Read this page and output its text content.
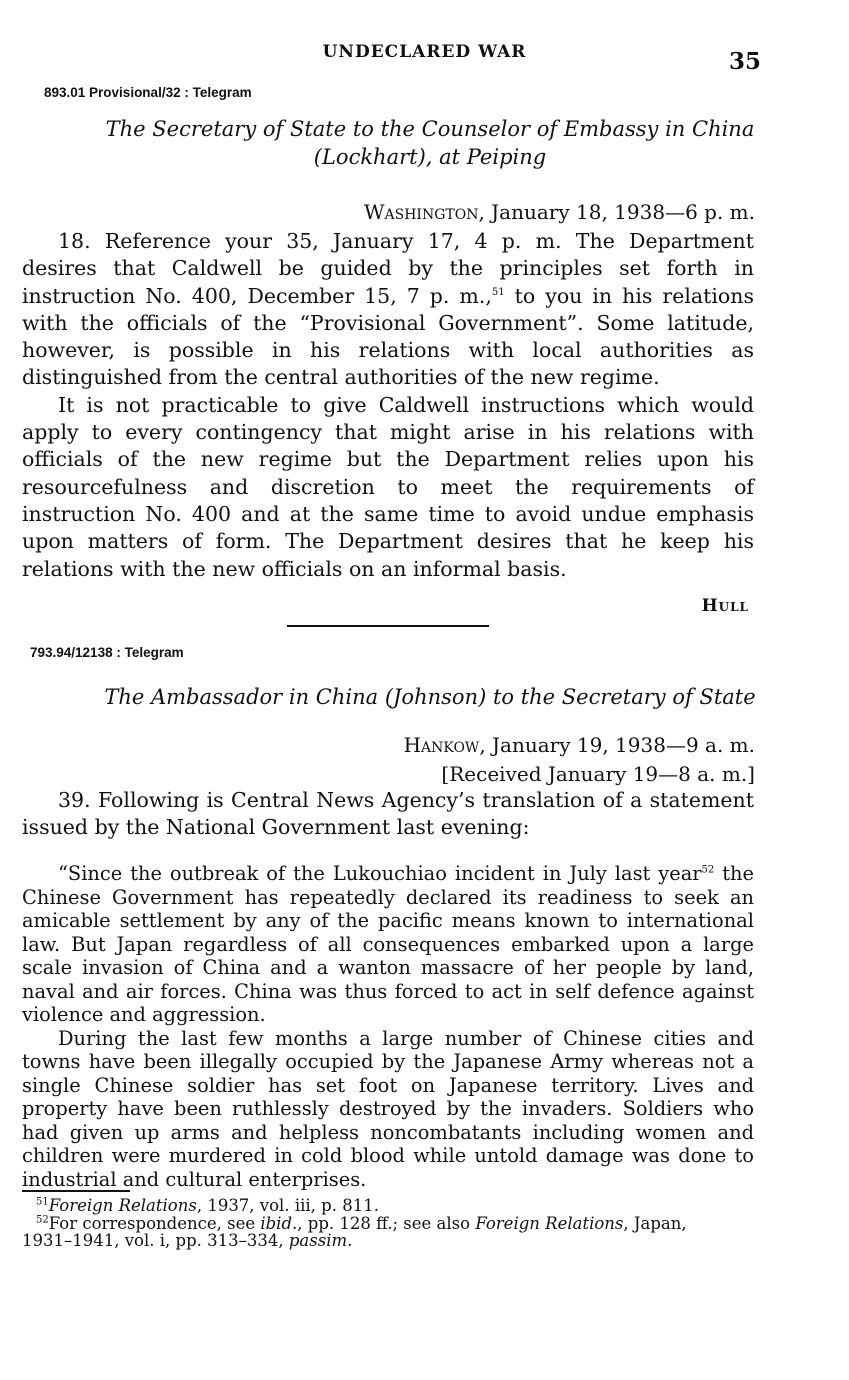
UNDECLARED WAR	35
893.01 Provisional/32 : Telegram
The Secretary of State to the Counselor of Embassy in China
(Lockhart), at Peiping
Washington, January 18, 1938—6 p. m.

18. Reference your 35, January 17, 4 p. m. The Department desires that Caldwell be guided by the principles set forth in instruction No. 400, December 15, 7 p. m.,$^{51}$ to you in his relations with the officials of the “Provisional Government”. Some latitude, however, is possible in his relations with local authorities as distinguished from the central authorities of the new regime.

It is not practicable to give Caldwell instructions which would apply to every contingency that might arise in his relations with officials of the new regime but the Department relies upon his resourcefulness and discretion to meet the requirements of instruction No. 400 and at the same time to avoid undue emphasis upon matters of form. The Department desires that he keep his relations with the new officials on an informal basis.

Hull
793.94/12138 : Telegram
The Ambassador in China (Johnson) to the Secretary of State
Hankow, January 19, 1938—9 a. m.
[Received January 19—8 a. m.]

39. Following is Central News Agency’s translation of a statement issued by the National Government last evening:

“Since the outbreak of the Lukouchiao incident in July last year$^{52}$ the Chinese Government has repeatedly declared its readiness to seek an amicable settlement by any of the pacific means known to international law. But Japan regardless of all consequences embarked upon a large scale invasion of China and a wanton massacre of her people by land, naval and air forces. China was thus forced to act in self defence against violence and aggression.

During the last few months a large number of Chinese cities and towns have been illegally occupied by the Japanese Army whereas not a single Chinese soldier has set foot on Japanese territory. Lives and property have been ruthlessly destroyed by the invaders. Soldiers who had given up arms and helpless noncombatants including women and children were murdered in cold blood while untold damage was done to industrial and cultural enterprises.

$^{51}$Foreign Relations, 1937, vol. iii, p. 811.

$^{52}$For correspondence, see ibid., pp. 128 ff.; see also Foreign Relations, Japan,

1931–1941, vol. i, pp. 313–334, passim.
